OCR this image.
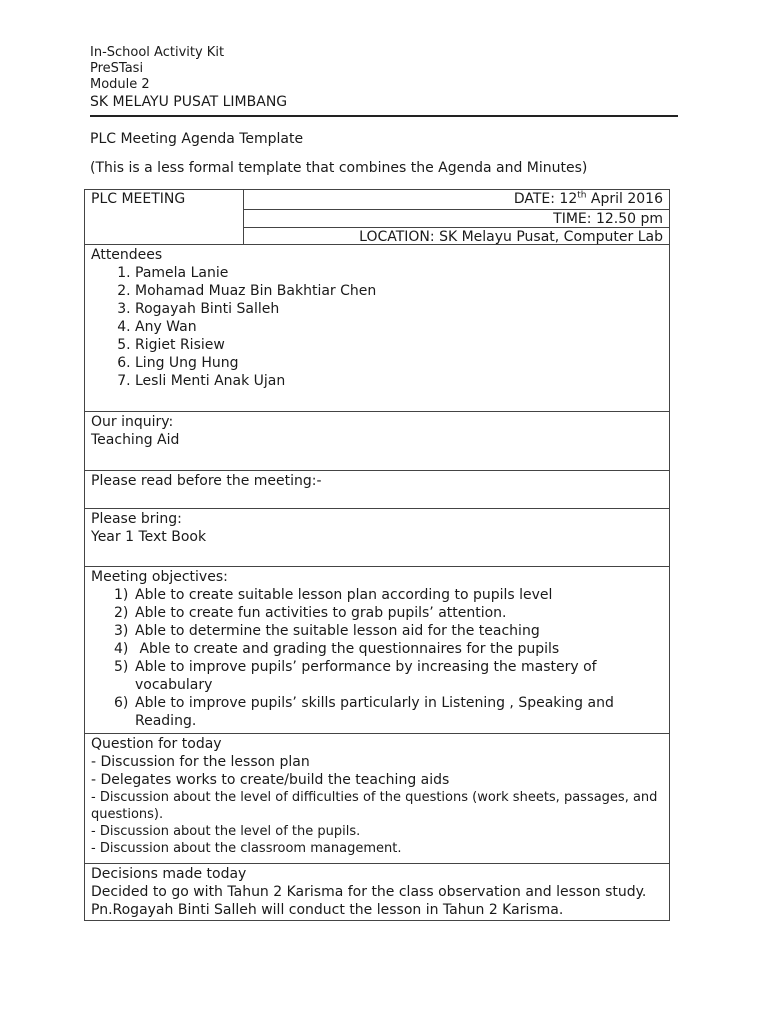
In-School Activity Kit
PreSTasi
Module 2
SK MELAYU PUSAT LIMBANG
PLC Meeting Agenda Template
(This is a less formal template that combines the Agenda and Minutes)
PLC MEETING	DATE: 12th April 2016
TIME: 12.50 pm
LOCATION: SK Melayu Pusat, Computer Lab
Attendees
1. Pamela Lanie
2. Mohamad Muaz Bin Bakhtiar Chen
3. Rogayah Binti Salleh
4. Any Wan
5. Rigiet Risiew
6. Ling Ung Hung
7. Lesli Menti Anak Ujan
Our inquiry:
Teaching Aid
Please read before the meeting:-
Please bring:
Year 1 Text Book
Meeting objectives:
1) Able to create suitable lesson plan according to pupils level
2) Able to create fun activities to grab pupils’ attention.
3) Able to determine the suitable lesson aid for the teaching
4) Able to create and grading the questionnaires for the pupils
5) Able to improve pupils’ performance by increasing the mastery of vocabulary
6) Able to improve pupils’ skills particularly in Listening , Speaking and Reading.
Question for today
- Discussion for the lesson plan
- Delegates works to create/build the teaching aids
- Discussion about the level of difficulties of the questions (work sheets, passages, and questions).
- Discussion about the level of the pupils.
- Discussion about the classroom management.
Decisions made today
Decided to go with Tahun 2 Karisma for the class observation and lesson study. Pn.Rogayah Binti Salleh will conduct the lesson in Tahun 2 Karisma.
